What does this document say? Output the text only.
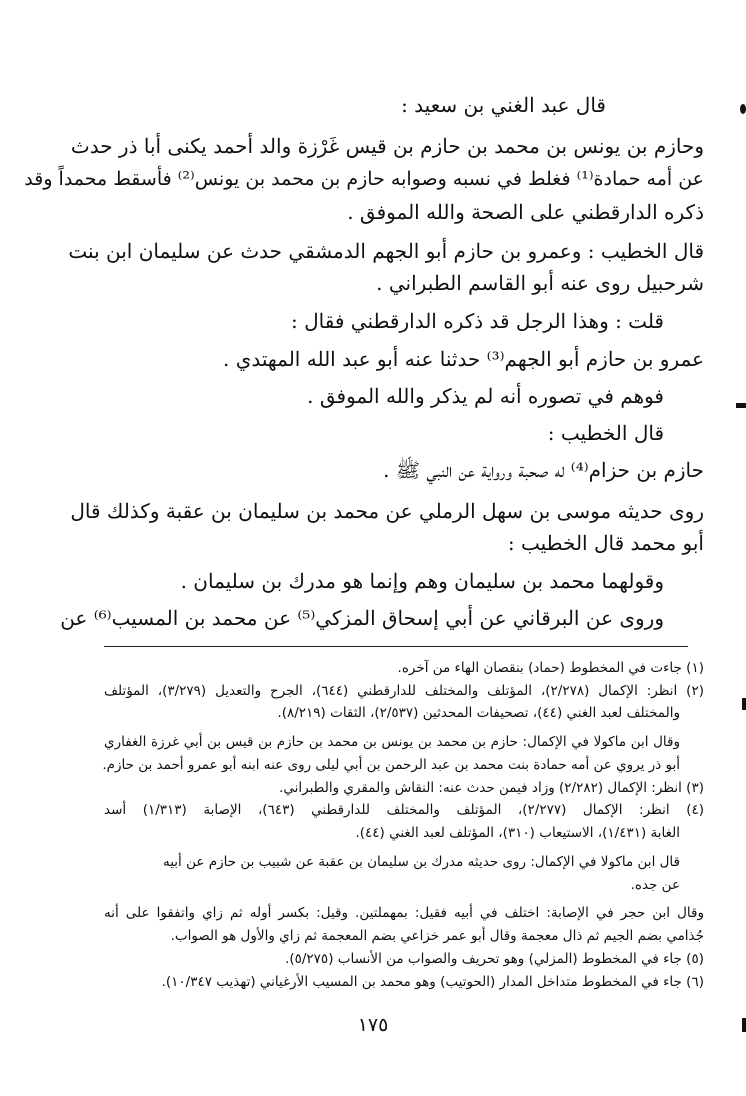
قال عبد الغني بن سعيد :
وحازم بن يونس بن محمد بن حازم بن قيس غَرْزة والد أحمد يكنى أبا ذر حدث
عن أمه حمادة⁽¹⁾ فغلط في نسبه وصوابه حازم بن محمد بن يونس⁽²⁾ فأسقط محمداً وقد
ذكره الدارقطني على الصحة والله الموفق .
قال الخطيب : وعمرو بن حازم أبو الجهم الدمشقي حدث عن سليمان ابن بنت
شرحبيل روى عنه أبو القاسم الطبراني .
قلت : وهذا الرجل قد ذكره الدارقطني فقال :
عمرو بن حازم أبو الجهم⁽³⁾ حدثنا عنه أبو عبد الله المهتدي .
فوهم في تصوره أنه لم يذكر والله الموفق .
قال الخطيب :
حازم بن حزام⁽⁴⁾ له صحبة ورواية عن النبي ﷺ .
روى حديثه موسى بن سهل الرملي عن محمد بن سليمان بن عقبة وكذلك قال
أبو محمد قال الخطيب :
وقولهما محمد بن سليمان وهم وإنما هو مدرك بن سليمان .
وروى عن البرقاني عن أبي إسحاق المزكي⁽⁵⁾ عن محمد بن المسيب⁽⁶⁾ عن
(١) جاءت في المخطوط (حماد) بنقصان الهاء من آخره.
(٢) انظر: الإكمال (٢/٢٧٨)، المؤتلف والمختلف للدارقطني (٦٤٤)، الجرح والتعديل (٣/٢٧٩)، المؤتلف
والمختلف لعبد الغني (٤٤)، تصحيفات المحدثين (٢/٥٣٧)، الثقات (٨/٢١٩).
وقال ابن ماكولا في الإكمال: حازم بن محمد بن يونس بن محمد بن حازم بن قيس بن أبي غرزة الغفاري
أبو ذر يروي عن أمه حمادة بنت محمد بن عبد الرحمن بن أبي ليلى روى عنه ابنه أبو عمرو أحمد بن حازم.
(٣) انظر: الإكمال (٢/٢٨٢) وزاد فيمن حدث عنه: النقاش والمقري والطبراني.
(٤) انظر: الإكمال (٢/٢٧٧)، المؤتلف والمختلف للدارقطني (٦٤٣)، الإصابة (١/٣١٣) أسد
الغابة (١/٤٣١)، الاستيعاب (٣١٠)، المؤتلف لعبد الغني (٤٤).
قال ابن ماكولا في الإكمال: روى حديثه مدرك بن سليمان بن عقبة عن شبيب بن حازم عن أبيه
عن جده.
وقال ابن حجر في الإصابة: اختلف في أبيه فقيل: بمهملتين. وقيل: بكسر أوله ثم زاي واتفقوا على أنه
جُذامي بضم الجيم ثم ذال معجمة وقال أبو عمر خزاعي بضم المعجمة ثم زاي والأول هو الصواب.
(٥) جاء في المخطوط (المزلي) وهو تحريف والصواب من الأنساب (٥/٢٧٥).
(٦) جاء في المخطوط متداخل المدار (الحوتيب) وهو محمد بن المسيب الأرغياني (تهذيب ١٠/٣٤٧).
١٧٥
